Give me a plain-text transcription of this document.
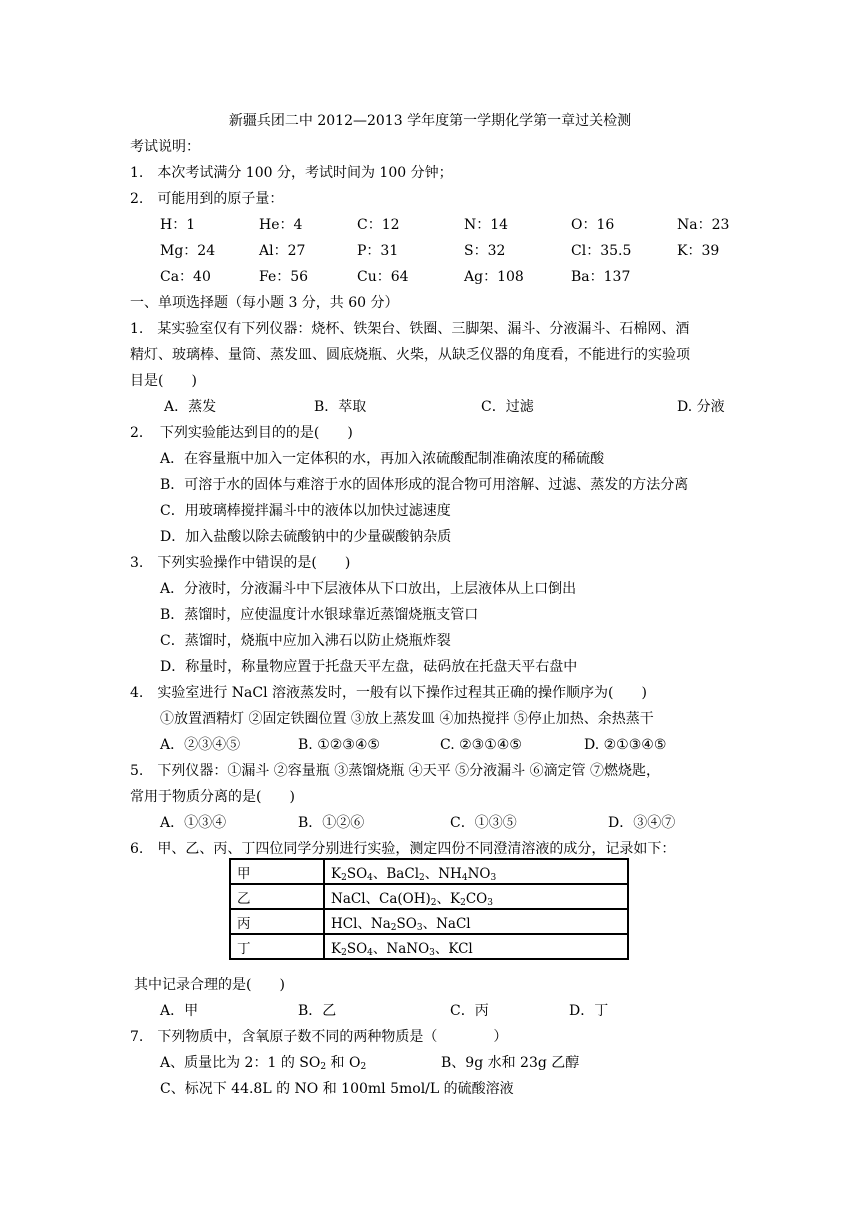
新疆兵团二中 2012—2013 学年度第一学期化学第一章过关检测
考试说明：
1.　本次考试满分 100 分，考试时间为 100 分钟；
2.　可能用到的原子量：
H：1	He：4	C：12	N：14	O：16	Na：23
Mg：24	Al：27	P：31	S：32	Cl：35.5	K：39
Ca：40	Fe：56	Cu：64	Ag：108	Ba：137
一、单项选择题（每小题 3 分，共 60 分）
1.　某实验室仅有下列仪器：烧杯、铁架台、铁圈、三脚架、漏斗、分液漏斗、石棉网、酒
精灯、玻璃棒、量筒、蒸发皿、圆底烧瓶、火柴，从缺乏仪器的角度看，不能进行的实验项
目是(　　)
A．蒸发	B．萃取	C．过滤	D. 分液
2．　下列实验能达到目的的是(　　)
A．在容量瓶中加入一定体积的水，再加入浓硫酸配制准确浓度的稀硫酸
B．可溶于水的固体与难溶于水的固体形成的混合物可用溶解、过滤、蒸发的方法分离
C．用玻璃棒搅拌漏斗中的液体以加快过滤速度
D．加入盐酸以除去硫酸钠中的少量碳酸钠杂质
3.　下列实验操作中错误的是(　　)
A．分液时，分液漏斗中下层液体从下口放出，上层液体从上口倒出
B．蒸馏时，应使温度计水银球靠近蒸馏烧瓶支管口
C．蒸馏时，烧瓶中应加入沸石以防止烧瓶炸裂
D．称量时，称量物应置于托盘天平左盘，砝码放在托盘天平右盘中
4.　实验室进行 NaCl 溶液蒸发时，一般有以下操作过程其正确的操作顺序为(　　)
①放置酒精灯 ②固定铁圈位置 ③放上蒸发皿 ④加热搅拌 ⑤停止加热、余热蒸干
A．②③④⑤	B. ①②③④⑤	C. ②③①④⑤	D. ②①③④⑤
5.　下列仪器：①漏斗 ②容量瓶 ③蒸馏烧瓶 ④天平 ⑤分液漏斗 ⑥滴定管 ⑦燃烧匙，
常用于物质分离的是(　　)
A．①③④	B．①②⑥	C．①③⑤	D．③④⑦
6.　甲、乙、丙、丁四位同学分别进行实验，测定四份不同澄清溶液的成分，记录如下：
甲	$K_2SO_4$、BaCl$_2$、$NH_4NO_3$
乙	NaCl、$Ca(OH)_2$、$K_2CO_3$
丙	HCl、$Na_2SO_3$、NaCl
丁	$K_2SO_4$、NaNO$_3$、KCl
其中记录合理的是(　　)
A．甲	B．乙	C．丙	D．丁
7.　下列物质中，含氧原子数不同的两种物质是（　　　　）
A、质量比为 2：1 的 $SO_2$ 和 $O_2$	B、9g 水和 23g 乙醇
C、标况下 44.8L 的 NO 和 100ml 5mol/L 的硫酸溶液
